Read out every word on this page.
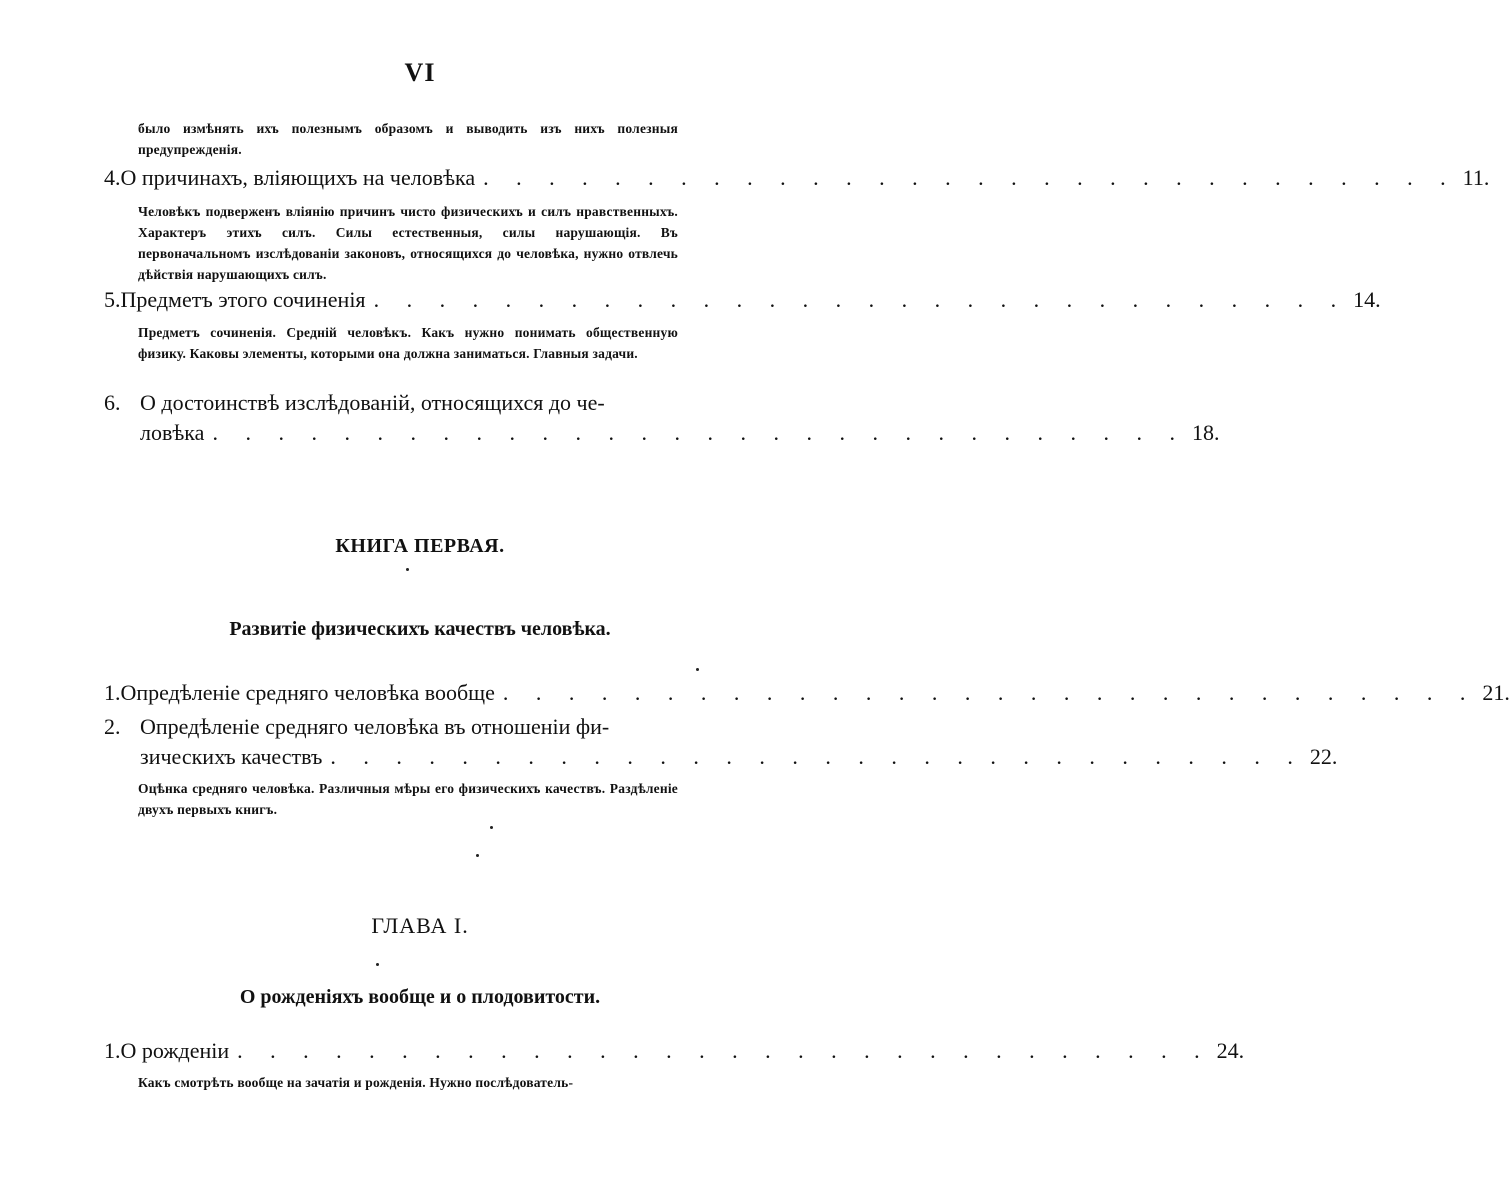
VI
было измѣнять ихъ полезнымъ образомъ и выводить изъ нихъ полезныя предупрежденія.
4. О причинахъ, вліяющихъ на человѣка . . . . . . . . . . . . . . . . . . . . . . . . . . . . . . 11.
Человѣкъ подверженъ вліянію причинъ чисто физическихъ и силъ нравственныхъ. Характеръ этихъ силъ. Силы естественныя, силы нарушающія. Въ первоначальномъ изслѣдованіи законовъ, относящихся до человѣка, нужно отвлечь дѣйствія нарушающихъ силъ.
5. Предметъ этого сочиненія . . . . . . . . . . . . . . . . . . . . . . . . . . . . . . 14.
Предметъ сочиненія. Средній человѣкъ. Какъ нужно понимать общественную физику. Каковы элементы, которыми она должна заниматься. Главныя задачи.
6. О достоинствѣ изслѣдованій, относящихся до че-
ловѣка . . . . . . . . . . . . . . . . . . . . . . . . . . . . . . 18.
КНИГА ПЕРВАЯ.
Развитіе физическихъ качествъ человѣка.
1. Опредѣленіе средняго человѣка вообще . . . . . . . . . . . . . . . . . . . . . . . . . . . . . . 21.
2. Опредѣленіе средняго человѣка въ отношеніи фи-
зическихъ качествъ . . . . . . . . . . . . . . . . . . . . . . . . . . . . . . 22.
Оцѣнка средняго человѣка. Различныя мѣры его физическихъ качествъ. Раздѣленіе двухъ первыхъ книгъ.
ГЛАВА I.
О рожденіяхъ вообще и о плодовитости.
1. О рожденіи . . . . . . . . . . . . . . . . . . . . . . . . . . . . . . 24.
Какъ смотрѣть вообще на зачатія и рожденія. Нужно послѣдователь-
